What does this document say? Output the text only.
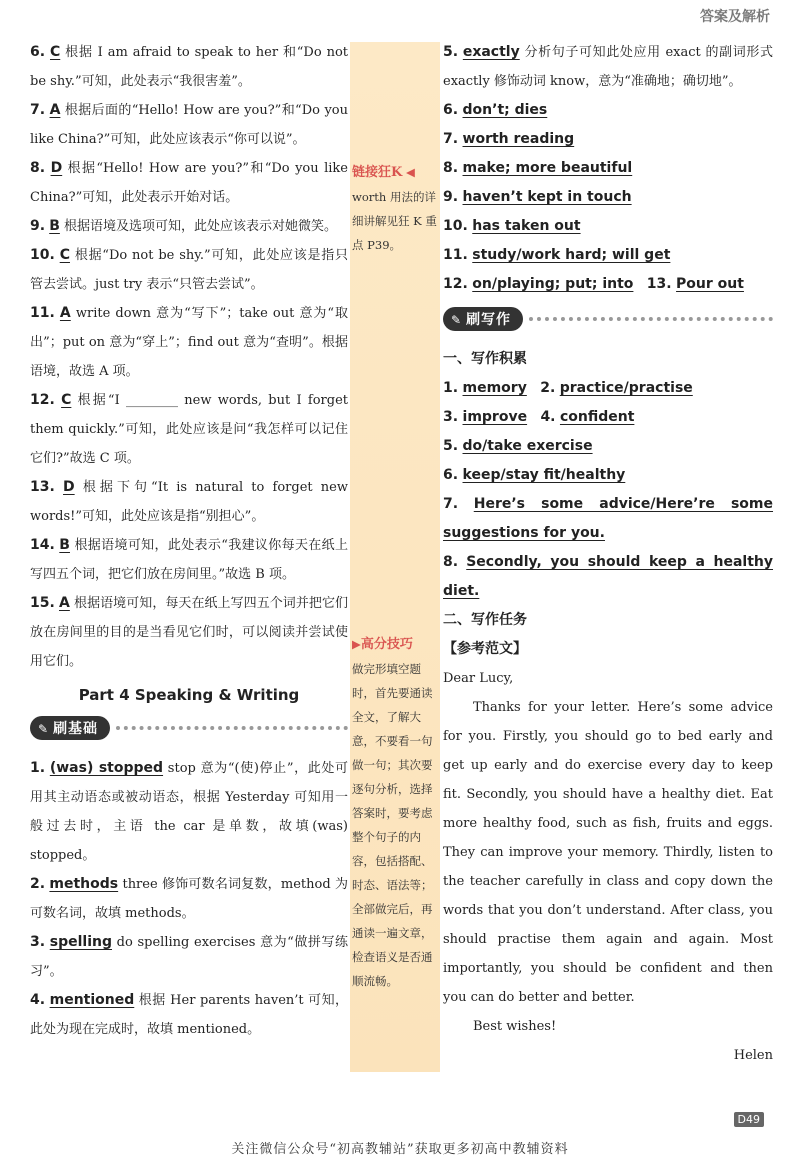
答案及解析
6. C 根据 I am afraid to speak to her 和“Do not be shy.”可知，此处表示“我很害羞”。
7. A 根据后面的“Hello! How are you?”和“Do you like China?”可知，此处应该表示“你可以说”。
8. D 根据“Hello! How are you?”和“Do you like China?”可知，此处表示开始对话。
9. B 根据语境及选项可知，此处应该表示对她微笑。
10. C 根据“Do not be shy.”可知，此处应该是指只管去尝试。just try 表示“只管去尝试”。
11. A write down 意为“写下”；take out 意为“取出”；put on 意为“穿上”；find out 意为“查明”。根据语境，故选 A 项。
12. C 根据“I ________ new words, but I forget them quickly.”可知，此处应该是问“我怎样可以记住它们?”故选 C 项。
13. D 根据下句“It is natural to forget new words!”可知，此处应该是指“别担心”。
14. B 根据语境可知，此处表示“我建议你每天在纸上写四五个词，把它们放在房间里。”故选 B 项。
15. A 根据语境可知，每天在纸上写四五个词并把它们放在房间里的目的是当看见它们时，可以阅读并尝试使用它们。
Part 4 Speaking & Writing
✎ 刷基础
1. (was) stopped stop 意为“(使)停止”，此处可用其主动语态或被动语态，根据 Yesterday 可知用一般过去时，主语 the car 是单数，故填(was) stopped。
2. methods three 修饰可数名词复数，method 为可数名词，故填 methods。
3. spelling do spelling exercises 意为“做拼写练习”。
4. mentioned 根据 Her parents haven’t 可知，此处为现在完成时，故填 mentioned。
链接狂K ◀
worth 用法的详细讲解见狂 K 重点 P39。
▶高分技巧
做完形填空题时，首先要通读全文，了解大意，不要看一句做一句；其次要逐句分析，选择答案时，要考虑整个句子的内容，包括搭配、时态、语法等；全部做完后，再通读一遍文章，检查语义是否通顺流畅。
5. exactly 分析句子可知此处应用 exact 的副词形式 exactly 修饰动词 know，意为“准确地；确切地”。
6. don’t; dies
7. worth reading
8. make; more beautiful
9. haven’t kept in touch
10. has taken out
11. study/work hard; will get
12. on/playing; put; into 13. Pour out
✎ 刷写作
一、写作积累
1. memory 2. practice/practise
3. improve 4. confident
5. do/take exercise
6. keep/stay fit/healthy
7. Here’s some advice/Here’re some suggestions for you.
8. Secondly, you should keep a healthy diet.
二、写作任务
【参考范文】
Dear Lucy,
Thanks for your letter. Here’s some advice for you. Firstly, you should go to bed early and get up early and do exercise every day to keep fit. Secondly, you should have a healthy diet. Eat more healthy food, such as fish, fruits and eggs. They can improve your memory. Thirdly, listen to the teacher carefully in class and copy down the words that you don’t understand. After class, you should practise them again and again. Most importantly, you should be confident and then you can do better and better.
Best wishes!
Helen
D49
关注微信公众号“初高教辅站”获取更多初高中教辅资料
